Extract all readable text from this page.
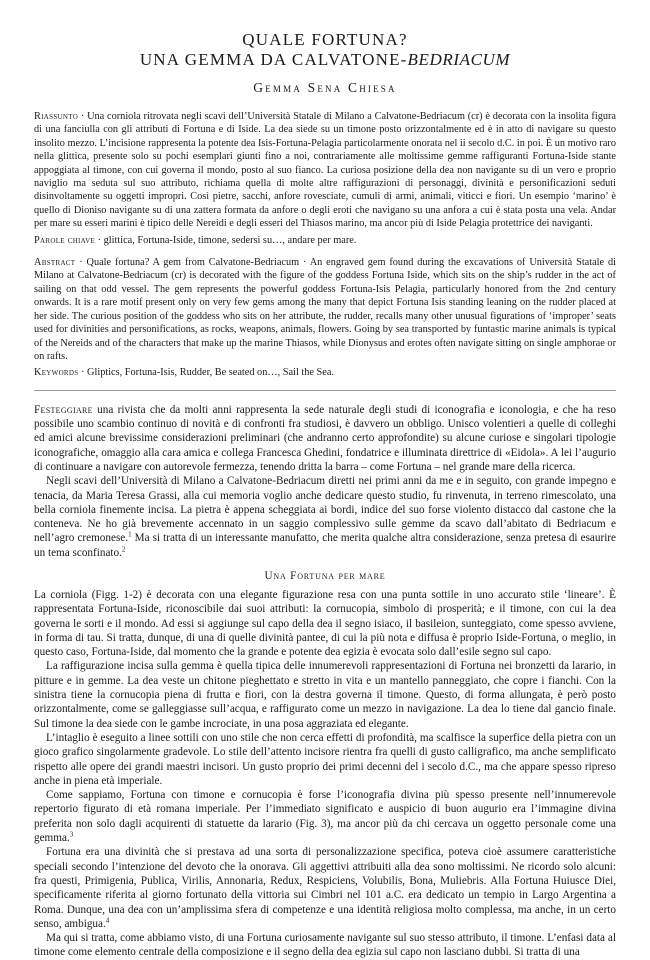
QUALE FORTUNA?

UNA GEMMA DA CALVATONE-BEDRIACUM

Gemma Sena Chiesa

Riassunto · Una corniola ritrovata negli scavi dell’Università Statale di Milano a Calvatone-Bedriacum (cr) è decorata con la insolita figura di una fanciulla con gli attributi di Fortuna e di Iside. La dea siede su un timone posto orizzontalmente ed è in atto di navigare su questo insolito mezzo. L’incisione rappresenta la potente dea Isis-Fortuna-Pelagia particolarmente onorata nel ii secolo d.C. in poi. È un motivo raro nella glittica, presente solo su pochi esemplari giunti fino a noi, contrariamente alle moltissime gemme raffiguranti Fortuna-Iside stante appoggiata al timone, con cui governa il mondo, posto al suo fianco. La curiosa posizione della dea non navigante su di un vero e proprio naviglio ma seduta sul suo attributo, richiama quella di molte altre raffigurazioni di personaggi, divinità e personificazioni seduti disinvoltamente su oggetti impropri. Così pietre, sacchi, anfore rovesciate, cumuli di armi, animali, viticci e fiori. Un esempio ‘marino’ è quello di Dioniso navigante su di una zattera formata da anfore o degli eroti che navigano su una anfora a cui è stata posta una vela. Andar per mare su esseri marini è tipico delle Nereidi e degli esseri del Thiasos marino, ma ancor più di Iside Pelagia protettrice dei naviganti.

Parole chiave · glittica, Fortuna-Iside, timone, sedersi su…, andare per mare.

Abstract · Quale fortuna? A gem from Calvatone-Bedriacum · An engraved gem found during the excavations of Università Statale di Milano at Calvatone-Bedriacum (cr) is decorated with the figure of the goddess Fortuna Iside, which sits on the ship’s rudder in the act of sailing on that odd vessel. The gem represents the powerful goddess Fortuna-Isis Pelagia, particularly honored from the 2nd century onwards. It is a rare motif present only on very few gems among the many that depict Fortuna Isis standing leaning on the rudder placed at her side. The curious position of the goddess who sits on her attribute, the rudder, recalls many other unusual figurations of ‘improper’ seats used for divinities and personifications, as rocks, weapons, animals, flowers. Going by sea transported by funtastic marine animals is typical of the Nereids and of the characters that make up the marine Thiasos, while Dionysus and erotes often navigate sitting on single amphorae or on rafts.

Keywords · Gliptics, Fortuna-Isis, Rudder, Be seated on…, Sail the Sea.

Festeggiare una rivista che da molti anni rappresenta la sede naturale degli studi di iconografia e iconologia, e che ha reso possibile uno scambio continuo di novità e di confronti fra studiosi, è davvero un obbligo. Unisco volentieri a quelle di colleghi ed amici alcune brevissime considerazioni preliminari (che andranno certo approfondite) su alcune curiose e singolari tipologie iconografiche, omaggio alla cara amica e collega Francesca Ghedini, fondatrice e illuminata direttrice di «Eidola». A lei l’augurio di continuare a navigare con autorevole fermezza, tenendo dritta la barra – come Fortuna – nel grande mare della ricerca.

Negli scavi dell’Università di Milano a Calvatone-Bedriacum diretti nei primi anni da me e in seguito, con grande impegno e tenacia, da Maria Teresa Grassi, alla cui memoria voglio anche dedicare questo studio, fu rinvenuta, in terreno rimescolato, una bella corniola finemente incisa. La pietra è appena scheggiata ai bordi, indice del suo forse violento distacco dal castone che la conteneva. Ne ho già brevemente accennato in un saggio complessivo sulle gemme da scavo dall’abitato di Bedriacum e nell’agro cremonese.$^1$ Ma si tratta di un interessante manufatto, che merita qualche altra considerazione, senza pretesa di esaurire un tema sconfinato.$^2$

Una Fortuna per mare

La corniola (Figg. 1-2) è decorata con una elegante figurazione resa con una punta sottile in uno accurato stile ‘lineare’. È rappresentata Fortuna-Iside, riconoscibile dai suoi attributi: la cornucopia, simbolo di prosperità; e il timone, con cui la dea governa le sorti e il mondo. Ad essi si aggiunge sul capo della dea il segno isiaco, il basileion, sunteggiato, come spesso avviene, in forma di tau. Si tratta, dunque, di una di quelle divinità pantee, di cui la più nota e diffusa è proprio Iside-Fortuna, o meglio, in questo caso, Fortuna-Iside, dal momento che la grande e potente dea egizia è evocata solo dall’esile segno sul capo.

La raffigurazione incisa sulla gemma è quella tipica delle innumerevoli rappresentazioni di Fortuna nei bronzetti da larario, in pitture e in gemme. La dea veste un chitone pieghettato e stretto in vita e un mantello panneggiato, che copre i fianchi. Con la sinistra tiene la cornucopia piena di frutta e fiori, con la destra governa il timone. Questo, di forma allungata, è però posto orizzontalmente, come se galleggiasse sull’acqua, e raffigurato come un mezzo in navigazione. La dea lo tiene dal gancio finale. Sul timone la dea siede con le gambe incrociate, in una posa aggraziata ed elegante.

L’intaglio è eseguito a linee sottili con uno stile che non cerca effetti di profondità, ma scalfisce la superfice della pietra con un gioco grafico singolarmente gradevole. Lo stile dell’attento incisore rientra fra quelli di gusto calligrafico, ma anche semplificato rispetto alle opere dei grandi maestri incisori. Un gusto proprio dei primi decenni del i secolo d.C., ma che appare spesso ripreso anche in piena età imperiale.

Come sappiamo, Fortuna con timone e cornucopia è forse l’iconografia divina più spesso presente nell’innumerevole repertorio figurato di età romana imperiale. Per l’immediato significato e auspicio di buon augurio era l’immagine divina preferita non solo dagli acquirenti di statuette da larario (Fig. 3), ma ancor più da chi cercava un oggetto personale come una gemma.$^3$

Fortuna era una divinità che si prestava ad una sorta di personalizzazione specifica, poteva cioè assumere caratteristiche speciali secondo l’intenzione del devoto che la onorava. Gli aggettivi attribuiti alla dea sono moltissimi. Ne ricordo solo alcuni: fra questi, Primigenia, Publica, Virilis, Annonaria, Redux, Respiciens, Volubilis, Bona, Muliebris. Alla Fortuna Huiusce Diei, specificamente riferita al giorno fortunato della vittoria sui Cimbri nel 101 a.C. era dedicato un tempio in Largo Argentina a Roma. Dunque, una dea con un’amplissima sfera di competenze e una identità religiosa molto complessa, ma anche, in un certo senso, ambigua.$^4$

Ma qui si tratta, come abbiamo visto, di una Fortuna curiosamente navigante sul suo stesso attributo, il timone. L’enfasi data al timone come elemento centrale della composizione e il segno della dea egizia sul capo non lasciano dubbi. Si tratta di una
